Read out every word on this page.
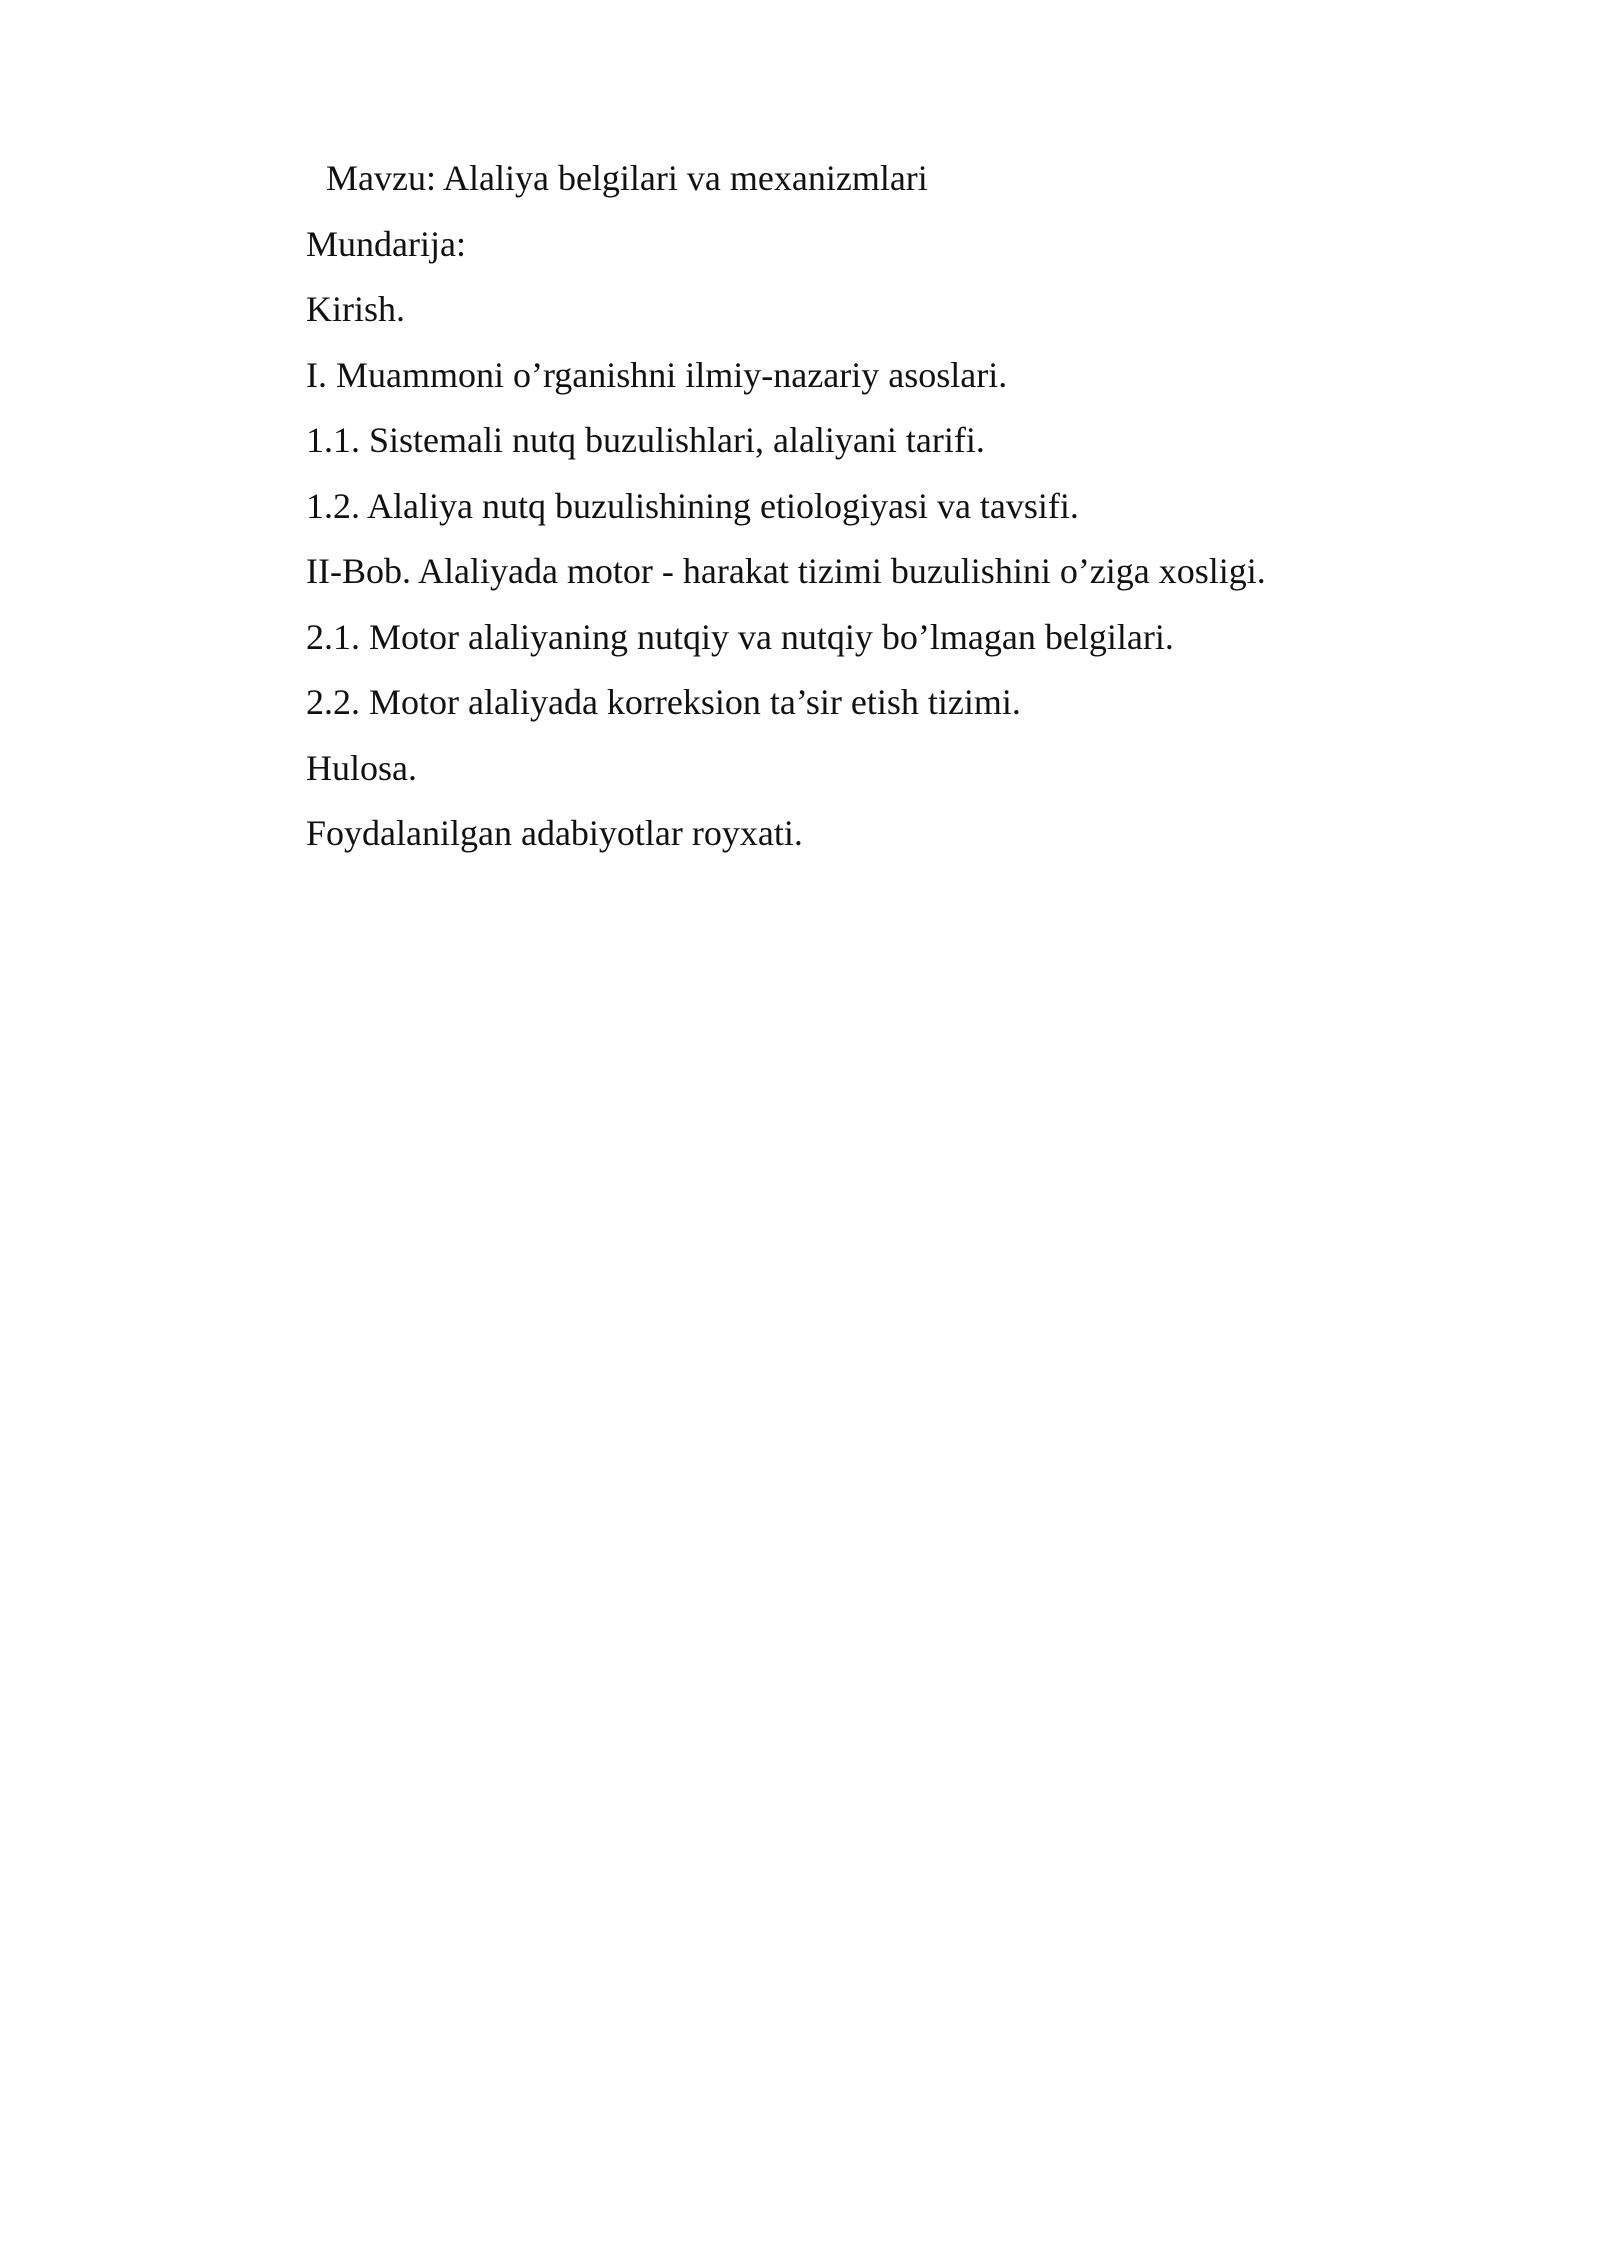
Mavzu: Alaliya belgilari va mexanizmlari

Mundarija:

Kirish.

I. Muammoni o’rganishni ilmiy-nazariy asoslari.

1.1. Sistemali nutq buzulishlari, alaliyani tarifi.

1.2. Alaliya nutq buzulishining etiologiyasi va tavsifi.

II-Bob. Alaliyada motor - harakat tizimi buzulishini o’ziga xosligi.

2.1. Motor alaliyaning nutqiy va nutqiy bo’lmagan belgilari.

2.2. Motor alaliyada korreksion ta’sir etish tizimi.

Hulosa.

Foydalanilgan adabiyotlar royxati.
